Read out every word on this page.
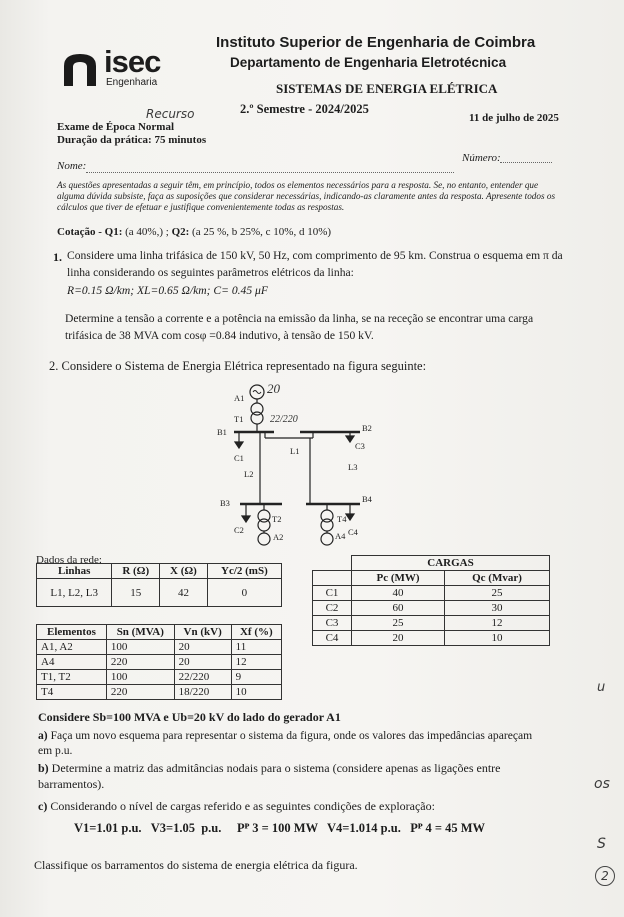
isec
Engenharia
Instituto Superior de Engenharia de Coimbra
Departamento de Engenharia Eletrotécnica
SISTEMAS DE ENERGIA ELÉTRICA
2.º Semestre - 2024/2025
11 de julho de 2025
Recurso
Exame de Época Normal
Duração da prática: 75 minutos
Nome:
Número:
As questões apresentadas a seguir têm, em princípio, todos os elementos necessários para a resposta. Se, no entanto, entender que alguma dúvida subsiste, faça as suposições que considerar necessárias, indicando-as claramente antes da resposta. Apresente todos os cálculos que tiver de efetuar e justifique convenientemente todas as respostas.
Cotação - Q1: (a 40%,) ; Q2: (a 25 %, b 25%, c 10%, d 10%)
1. Considere uma linha trifásica de 150 kV, 50 Hz, com comprimento de 95 km. Construa o esquema em π da
linha considerando os seguintes parâmetros elétricos da linha:
R=0.15 Ω/km; XL=0.65 Ω/km; C= 0.45 μF
Determine a tensão a corrente e a potência na emissão da linha, se na receção se encontrar uma carga
trifásica de 38 MVA com cosφ =0.84 indutivo, à tensão de 150 kV.
2. Considere o Sistema de Energia Elétrica representado na figura seguinte:
A1
T1
B1	B2
C1
C3
L1
L2
L3
B3	B4
T2	T4
C2
A2	A4 C4
20
22/220
Dados da rede:
Linhas	R (Ω)	X (Ω)	Yc/2 (mS)
L1, L2, L3	15	42	0
	CARGAS	
	Pc (MW)	Qc (Mvar)
C1	40	25
C2	60	30
C3	25	12
C4	20	10
Elementos	Sn (MVA)	Vn (kV)	Xf (%)
A1, A2	100	20	11
A4	220	20	12
T1, T2	100	22/220	9
T4	220	18/220	10
Considere Sb=100 MVA e Ub=20 kV do lado do gerador A1
a) Faça um novo esquema para representar o sistema da figura, onde os valores das impedâncias apareçam
em p.u.
b) Determine a matriz das admitâncias nodais para o sistema (considere apenas as ligações entre
barramentos).
c) Considerando o nível de cargas referido e as seguintes condições de exploração:
V1=1.01 p.u.   V3=1.05  p.u.     Pᴾ 3 = 100 MW   V4=1.014 p.u.   Pᴾ 4 = 45 MW
Classifique os barramentos do sistema de energia elétrica da figura.
u
os
S
2
